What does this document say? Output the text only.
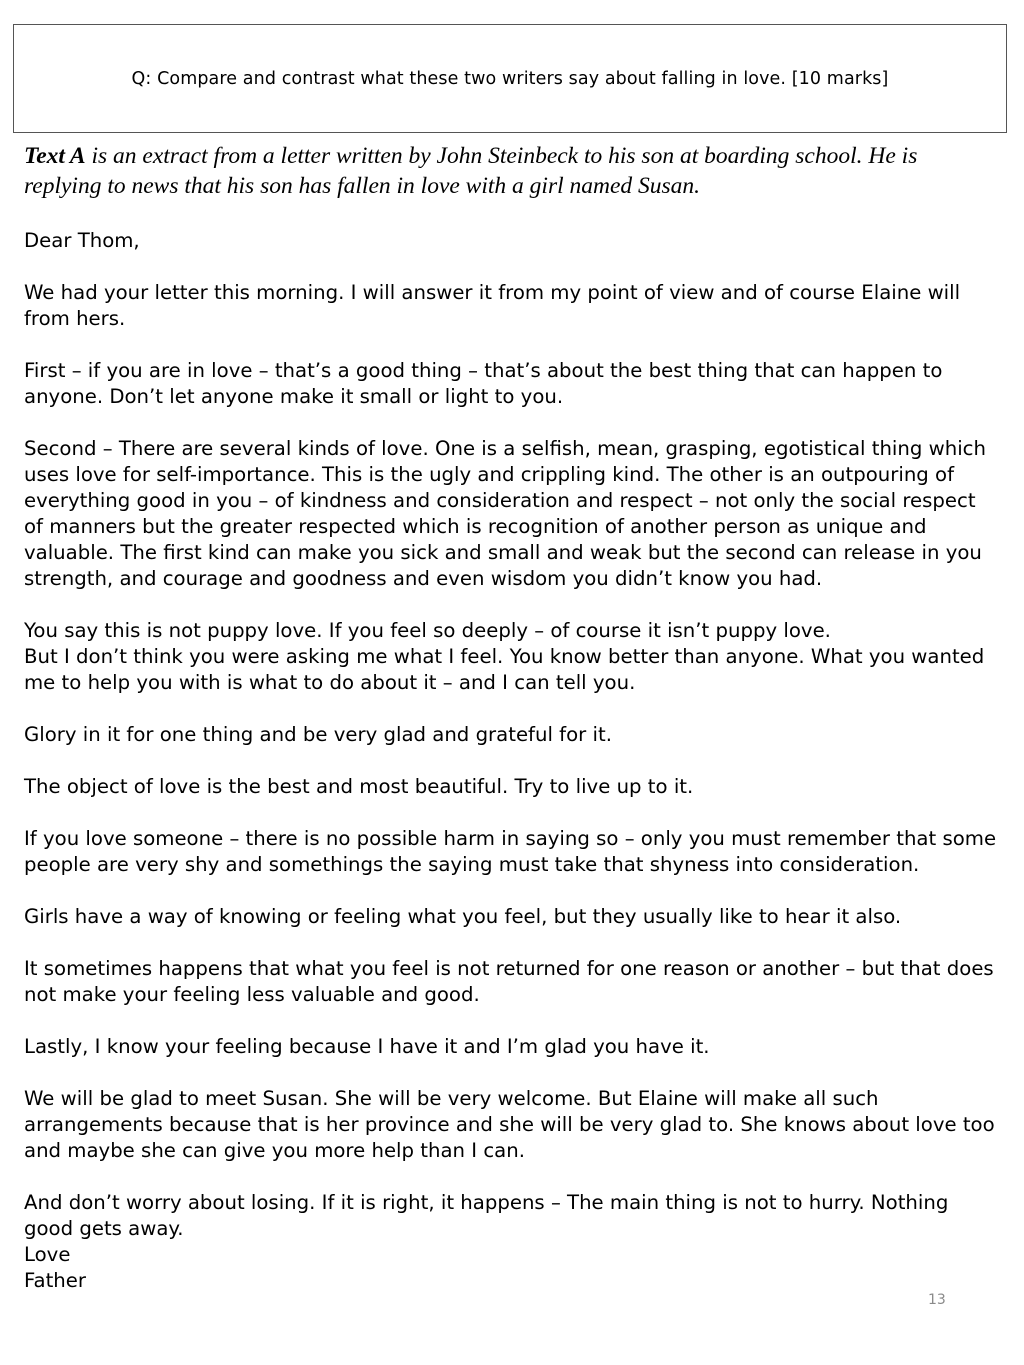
Q: Compare and contrast what these two writers say about falling in love. [10 marks]

Text A is an extract from a letter written by John Steinbeck to his son at boarding school. He is replying to news that his son has fallen in love with a girl named Susan.

Dear Thom,

We had your letter this morning. I will answer it from my point of view and of course Elaine will from hers.

First – if you are in love – that’s a good thing – that’s about the best thing that can happen to anyone. Don’t let anyone make it small or light to you.

Second – There are several kinds of love. One is a selfish, mean, grasping, egotistical thing which uses love for self-importance. This is the ugly and crippling kind. The other is an outpouring of everything good in you – of kindness and consideration and respect – not only the social respect of manners but the greater respected which is recognition of another person as unique and valuable. The first kind can make you sick and small and weak but the second can release in you strength, and courage and goodness and even wisdom you didn’t know you had.

You say this is not puppy love. If you feel so deeply – of course it isn’t puppy love.

But I don’t think you were asking me what I feel. You know better than anyone. What you wanted me to help you with is what to do about it – and I can tell you.

Glory in it for one thing and be very glad and grateful for it.

The object of love is the best and most beautiful. Try to live up to it.

If you love someone – there is no possible harm in saying so – only you must remember that some people are very shy and somethings the saying must take that shyness into consideration.

Girls have a way of knowing or feeling what you feel, but they usually like to hear it also.

It sometimes happens that what you feel is not returned for one reason or another – but that does not make your feeling less valuable and good.

Lastly, I know your feeling because I have it and I’m glad you have it.

We will be glad to meet Susan. She will be very welcome. But Elaine will make all such arrangements because that is her province and she will be very glad to. She knows about love too and maybe she can give you more help than I can.

And don’t worry about losing. If it is right, it happens – The main thing is not to hurry. Nothing good gets away.

Love

Father

13
